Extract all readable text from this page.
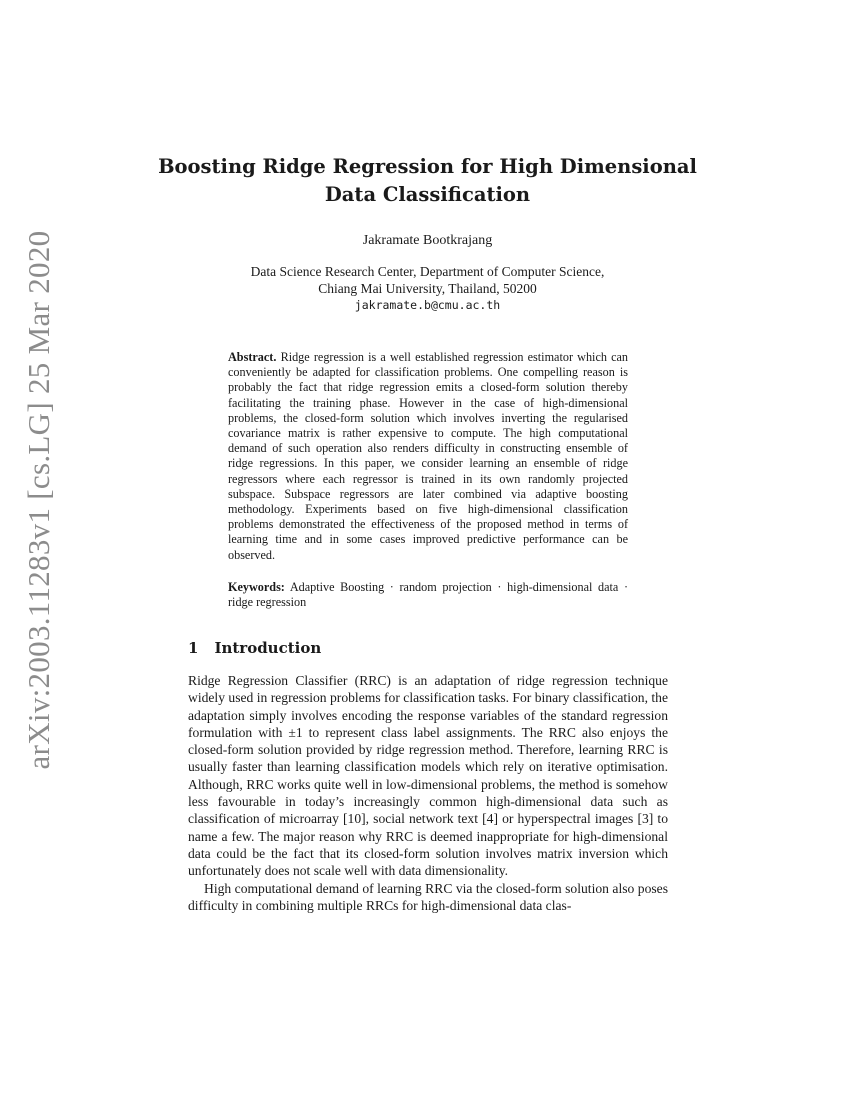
arXiv:2003.11283v1 [cs.LG] 25 Mar 2020
Boosting Ridge Regression for High Dimensional
Data Classification
Jakramate Bootkrajang
Data Science Research Center, Department of Computer Science,
Chiang Mai University, Thailand, 50200
jakramate.b@cmu.ac.th
Abstract. Ridge regression is a well established regression estimator which can conveniently be adapted for classification problems. One compelling reason is probably the fact that ridge regression emits a closed-form solution thereby facilitating the training phase. However in the case of high-dimensional problems, the closed-form solution which involves inverting the regularised covariance matrix is rather expensive to compute. The high computational demand of such operation also renders difficulty in constructing ensemble of ridge regressions. In this paper, we consider learning an ensemble of ridge regressors where each regressor is trained in its own randomly projected subspace. Subspace regressors are later combined via adaptive boosting methodology. Experiments based on five high-dimensional classification problems demonstrated the effectiveness of the proposed method in terms of learning time and in some cases improved predictive performance can be observed.
Keywords: Adaptive Boosting · random projection · high-dimensional data · ridge regression
1 Introduction

Ridge Regression Classifier (RRC) is an adaptation of ridge regression technique widely used in regression problems for classification tasks. For binary classification, the adaptation simply involves encoding the response variables of the standard regression formulation with ±1 to represent class label assignments. The RRC also enjoys the closed-form solution provided by ridge regression method. Therefore, learning RRC is usually faster than learning classification models which rely on iterative optimisation. Although, RRC works quite well in low-dimensional problems, the method is somehow less favourable in today’s increasingly common high-dimensional data such as classification of microarray [10], social network text [4] or hyperspectral images [3] to name a few. The major reason why RRC is deemed inappropriate for high-dimensional data could be the fact that its closed-form solution involves matrix inversion which unfortunately does not scale well with data dimensionality.

High computational demand of learning RRC via the closed-form solution also poses difficulty in combining multiple RRCs for high-dimensional data clas-
